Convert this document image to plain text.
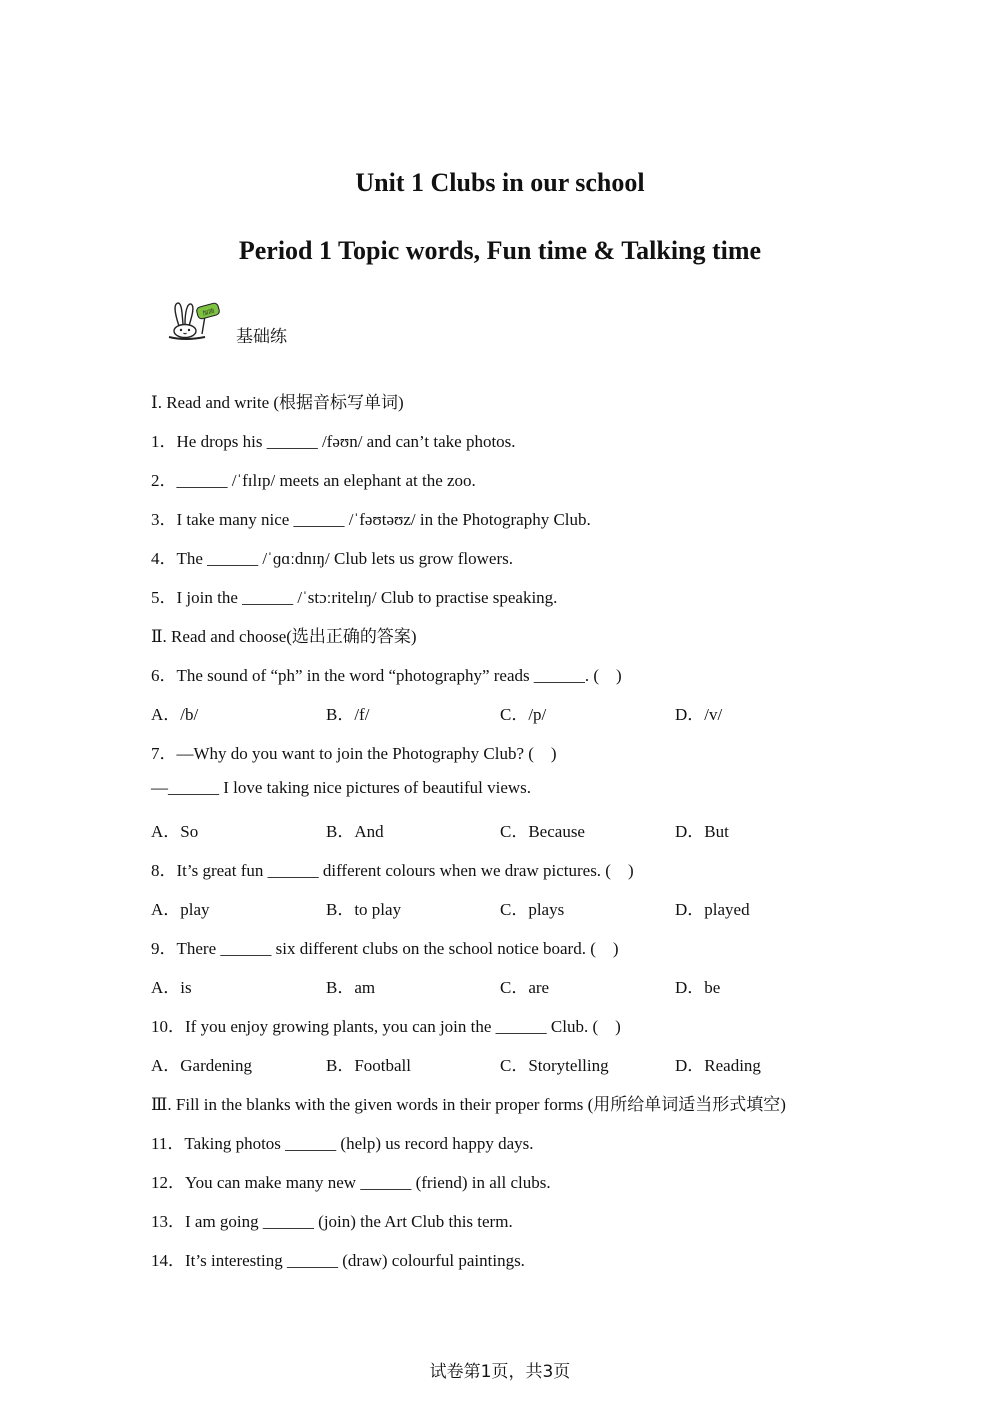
Unit 1 Clubs in our school
Period 1 Topic words, Fun time & Talking time
加油
基础练
Ⅰ. Read and write (根据音标写单词)
1．He drops his ______ /fəʊn/ and can’t take photos.
2．______ /ˈfɪlɪp/ meets an elephant at the zoo.
3．I take many nice ______ /ˈfəʊtəʊz/ in the Photography Club.
4．The ______ /ˈɡɑːdnɪŋ/ Club lets us grow flowers.
5．I join the ______ /ˈstɔːritelɪŋ/ Club to practise speaking.
Ⅱ. Read and choose(选出正确的答案)
6．The sound of “ph” in the word “photography” reads ______. (    )
A．/b/	B．/f/	C．/p/	D．/v/
7．—Why do you want to join the Photography Club? (    )
—______ I love taking nice pictures of beautiful views.
A．So	B．And	C．Because	D．But
8．It’s great fun ______ different colours when we draw pictures. (    )
A．play	B．to play	C．plays	D．played
9．There ______ six different clubs on the school notice board. (    )
A．is	B．am	C．are	D．be
10．If you enjoy growing plants, you can join the ______ Club. (    )
A．Gardening	B．Football	C．Storytelling	D．Reading
Ⅲ. Fill in the blanks with the given words in their proper forms (用所给单词适当形式填空)
11．Taking photos ______ (help) us record happy days.
12．You can make many new ______ (friend) in all clubs.
13．I am going ______ (join) the Art Club this term.
14．It’s interesting ______ (draw) colourful paintings.
试卷第1页，共3页
